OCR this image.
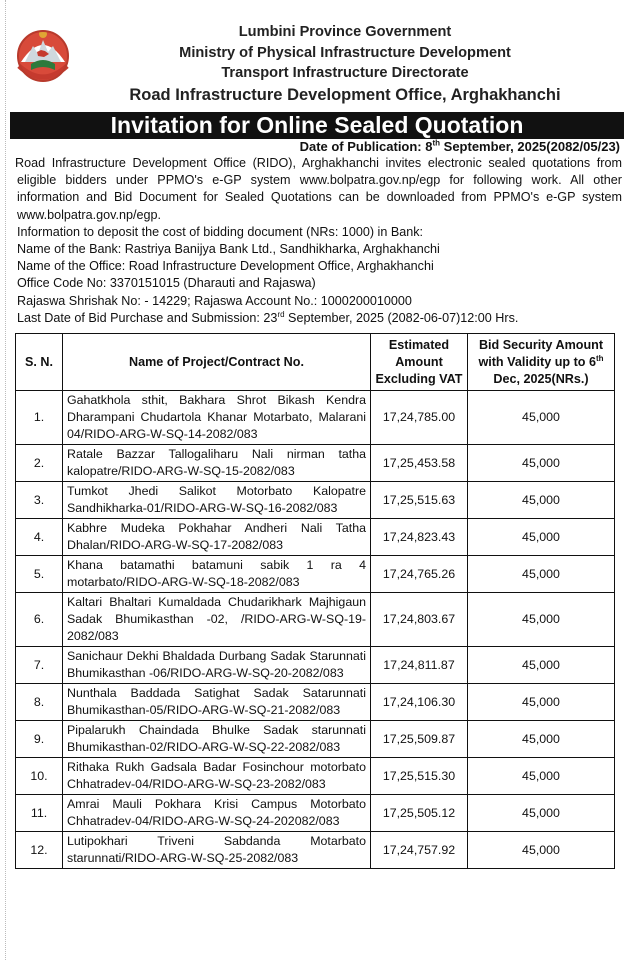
Lumbini Province Government
Ministry of Physical Infrastructure Development
Transport Infrastructure Directorate
Road Infrastructure Development Office, Arghakhanchi
Invitation for Online Sealed Quotation
Date of Publication: 8th September, 2025(2082/05/23)

Road Infrastructure Development Office (RIDO), Arghakhanchi invites electronic sealed quotations from eligible bidders under PPMO's e-GP system www.bolpatra.gov.np/egp for following work. All other information and Bid Document for Sealed Quotations can be downloaded from PPMO's e-GP system www.bolpatra.gov.np/egp.

Information to deposit the cost of bidding document (NRs: 1000) in Bank:

Name of the Bank: Rastriya Banijya Bank Ltd., Sandhikharka, Arghakhanchi

Name of the Office: Road Infrastructure Development Office, Arghakhanchi

Office Code No: 3370151015 (Dharauti and Rajaswa)

Rajaswa Shrishak No: - 14229; Rajaswa Account No.: 1000200010000

Last Date of Bid Purchase and Submission: 23rd September, 2025 (2082-06-07)12:00 Hrs.

S. N.	Name of Project/Contract No.	Estimated Amount Excluding VAT	Bid Security Amount with Validity up to 6th Dec, 2025(NRs.)
1.	Gahatkhola sthit, Bakhara Shrot Bikash Kendra Dharampani Chudartola Khanar Motarbato, Malarani 04/RIDO-ARG-W-SQ-14-2082/083	17,24,785.00	45,000
2.	Ratale Bazzar Tallogaliharu Nali nirman tatha kalopatre/RIDO-ARG-W-SQ-15-2082/083	17,25,453.58	45,000
3.	Tumkot Jhedi Salikot Motorbato Kalopatre Sandhikharka-01/RIDO-ARG-W-SQ-16-2082/083	17,25,515.63	45,000
4.	Kabhre Mudeka Pokhahar Andheri Nali Tatha Dhalan/RIDO-ARG-W-SQ-17-2082/083	17,24,823.43	45,000
5.	Khana batamathi batamuni sabik 1 ra 4 motarbato/RIDO-ARG-W-SQ-18-2082/083	17,24,765.26	45,000
6.	Kaltari Bhaltari Kumaldada Chudarikhark Majhigaun Sadak Bhumikasthan -02, /RIDO-ARG-W-SQ-19-2082/083	17,24,803.67	45,000
7.	Sanichaur Dekhi Bhaldada Durbang Sadak Starunnati Bhumikasthan -06/RIDO-ARG-W-SQ-20-2082/083	17,24,811.87	45,000
8.	Nunthala Baddada Satighat Sadak Satarunnati Bhumikasthan-05/RIDO-ARG-W-SQ-21-2082/083	17,24,106.30	45,000
9.	Pipalarukh Chaindada Bhulke Sadak starunnati Bhumikasthan-02/RIDO-ARG-W-SQ-22-2082/083	17,25,509.87	45,000
10.	Rithaka Rukh Gadsala Badar Fosinchour motorbato Chhatradev-04/RIDO-ARG-W-SQ-23-2082/083	17,25,515.30	45,000
11.	Amrai Mauli Pokhara Krisi Campus Motorbato Chhatradev-04/RIDO-ARG-W-SQ-24-202082/083	17,25,505.12	45,000
12.	Lutipokhari Triveni Sabdanda Motarbato starunnati/RIDO-ARG-W-SQ-25-2082/083	17,24,757.92	45,000
